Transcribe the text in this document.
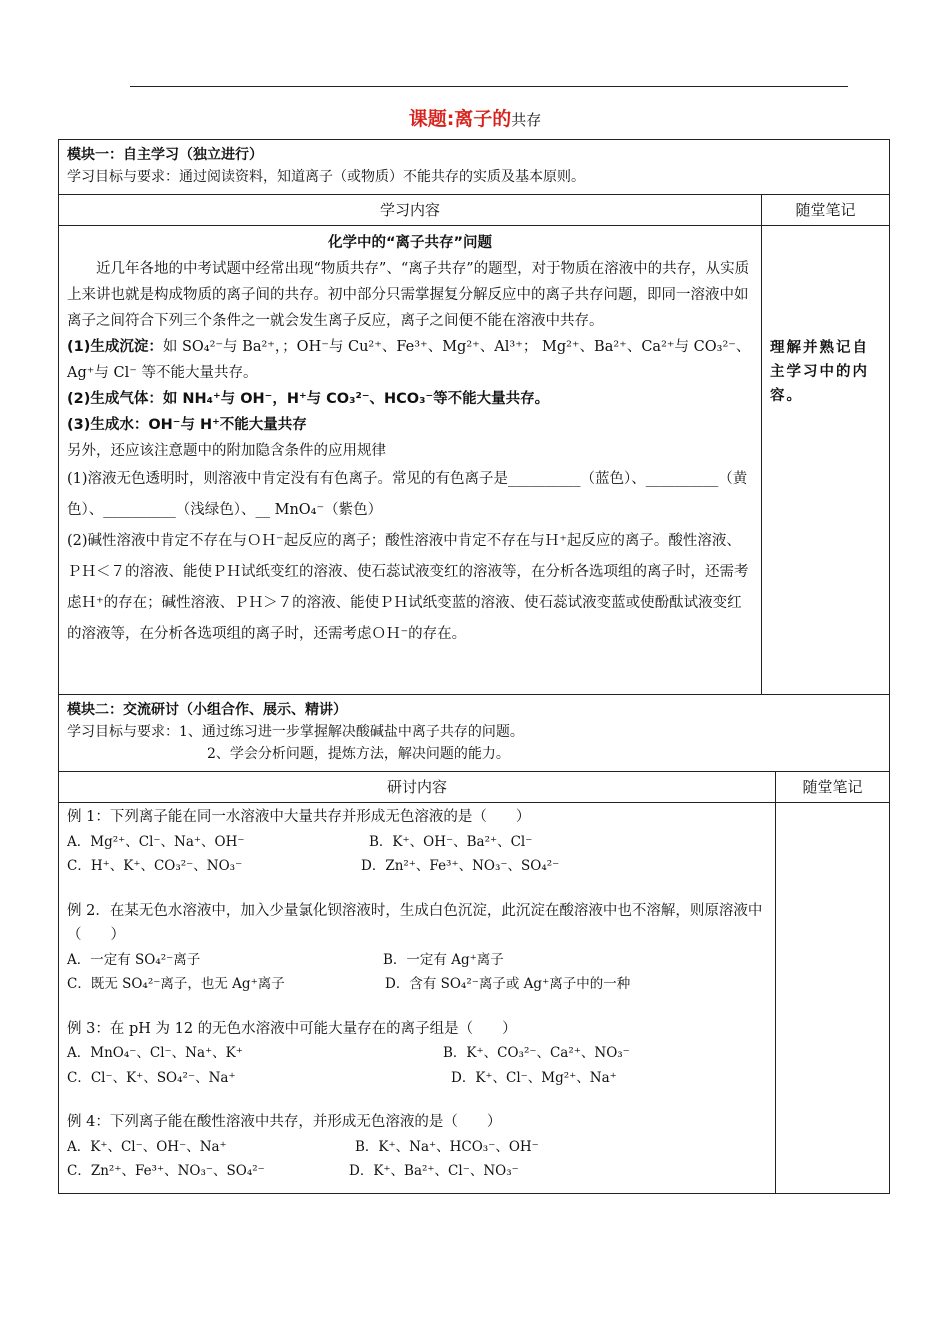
课题:离子的共存
模块一：自主学习（独立进行）
学习目标与要求：通过阅读资料，知道离子（或物质）不能共存的实质及基本原则。
学习内容	随堂笔记

化学中的“离子共存”问题

近几年各地的中考试题中经常出现“物质共存”、“离子共存”的题型，对于物质在溶液中的共存，从实质上来讲也就是构成物质的离子间的共存。初中部分只需掌握复分解反应中的离子共存问题，即同一溶液中如离子之间符合下列三个条件之一就会发生离子反应，离子之间便不能在溶液中共存。

(1)生成沉淀：如 SO₄²⁻与 Ba²⁺，；OH⁻与 Cu²⁺、Fe³⁺、Mg²⁺、Al³⁺； Mg²⁺、Ba²⁺、Ca²⁺与 CO₃²⁻、Ag⁺与 Cl⁻ 等不能大量共存。

(2)生成气体：如 NH₄⁺与 OH⁻，H⁺与 CO₃²⁻、HCO₃⁻等不能大量共存。

(3)生成水：OH⁻与 H⁺不能大量共存

另外，还应该注意题中的附加隐含条件的应用规律

(1)溶液无色透明时，则溶液中肯定没有有色离子。常见的有色离子是__________（蓝色）、__________（黄色）、__________（浅绿色）、__ MnO₄⁻（紫色）

(2)碱性溶液中肯定不存在与ＯＨ⁻起反应的离子；酸性溶液中肯定不存在与Ｈ⁺起反应的离子。酸性溶液、ＰＨ＜７的溶液、能使ＰＨ试纸变红的溶液、使石蕊试液变红的溶液等，在分析各选项组的离子时，还需考虑Ｈ⁺的存在；碱性溶液、ＰＨ＞７的溶液、能使ＰＨ试纸变蓝的溶液、使石蕊试液变蓝或使酚酞试液变红的溶液等，在分析各选项组的离子时，还需考虑ＯＨ⁻的存在。

理解并熟记自主学习中的内容。
模块二：交流研讨（小组合作、展示、精讲）
学习目标与要求：1、通过练习进一步掌握解决酸碱盐中离子共存的问题。
2、学会分析问题，提炼方法，解决问题的能力。
研讨内容	随堂笔记
例 1：下列离子能在同一水溶液中大量共存并形成无色溶液的是（　　）
A．Mg²⁺、Cl⁻、Na⁺、OH⁻	B．K⁺、OH⁻、Ba²⁺、Cl⁻
C．H⁺、K⁺、CO₃²⁻、NO₃⁻	D．Zn²⁺、Fe³⁺、NO₃⁻、SO₄²⁻
例 2．在某无色水溶液中，加入少量氯化钡溶液时，生成白色沉淀，此沉淀在酸溶液中也不溶解，则原溶液中（　　）
A．一定有 SO₄²⁻离子	B．一定有 Ag⁺离子
C．既无 SO₄²⁻离子，也无 Ag⁺离子	D．含有 SO₄²⁻离子或 Ag⁺离子中的一种
例 3：在 pH 为 12 的无色水溶液中可能大量存在的离子组是（　　）
A．MnO₄⁻、Cl⁻、Na⁺、K⁺	B．K⁺、CO₃²⁻、Ca²⁺、NO₃⁻
C．Cl⁻、K⁺、SO₄²⁻、Na⁺	D．K⁺、Cl⁻、Mg²⁺、Na⁺
例 4：下列离子能在酸性溶液中共存，并形成无色溶液的是（　　）
A．K⁺、Cl⁻、OH⁻、Na⁺	B．K⁺、Na⁺、HCO₃⁻、OH⁻
C．Zn²⁺、Fe³⁺、NO₃⁻、SO₄²⁻	D．K⁺、Ba²⁺、Cl⁻、NO₃⁻
